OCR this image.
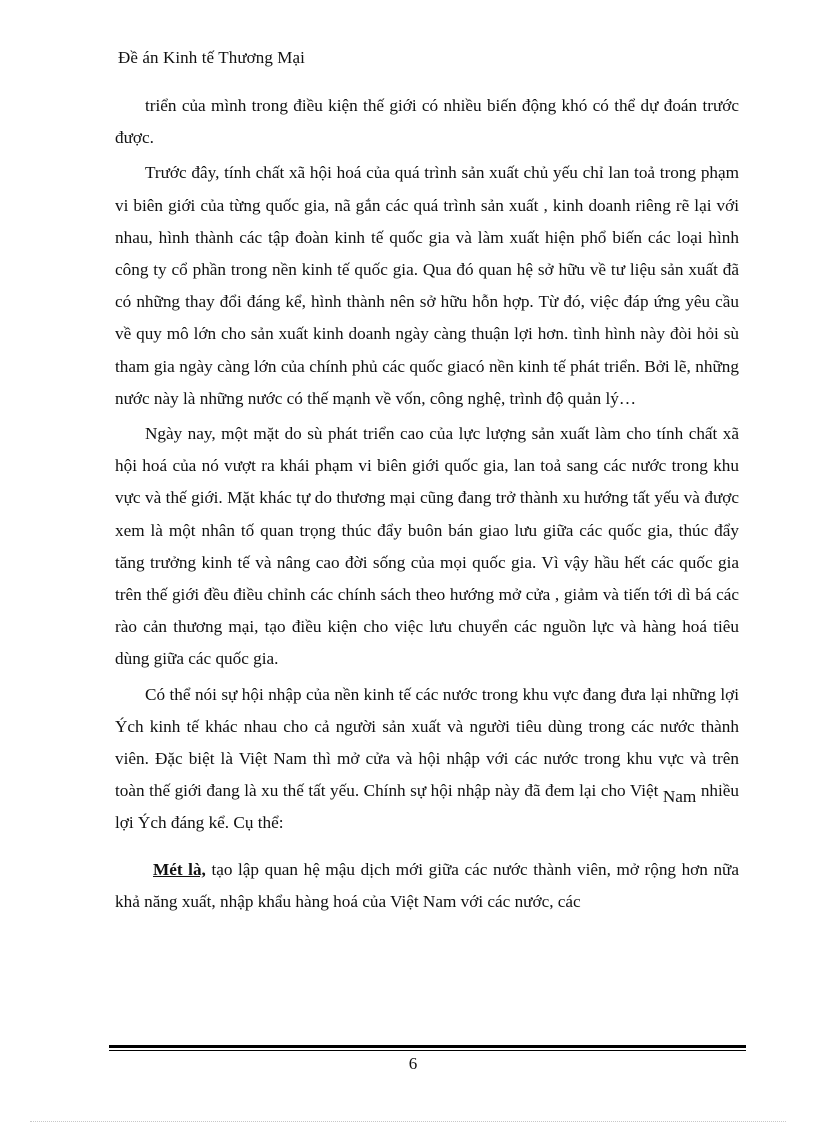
Đề án Kinh tế Thương Mại

triển của mình trong điều kiện thế giới có nhiều biến động khó có thể dự đoán trước được.

Trước đây, tính chất xã hội hoá của quá trình sản xuất chủ yếu chỉ lan toả trong phạm vi biên giới của từng quốc gia, nã gắn các quá trình sản xuất , kinh doanh riêng rẽ lại với nhau, hình thành các tập đoàn kinh tế quốc gia và làm xuất hiện phổ biến các loại hình công ty cổ phần trong nền kinh tế quốc gia. Qua đó quan hệ sở hữu về tư liệu sản xuất đã có những thay đổi đáng kể, hình thành nên sở hữu hỗn hợp. Từ đó, việc đáp ứng yêu cầu về quy mô lớn cho sản xuất kinh doanh ngày càng thuận lợi hơn. tình hình này đòi hỏi sù tham gia ngày càng lớn của chính phủ các quốc giacó nền kinh tế phát triển. Bởi lẽ, những nước này là những nước có thế mạnh về vốn, công nghệ, trình độ quản lý…

Ngày nay, một mặt do sù phát triển cao của lực lượng sản xuất làm cho tính chất xã hội hoá của nó vượt ra khái phạm vi biên giới quốc gia, lan toả sang các nước trong khu vực và thế giới. Mặt khác tự do thương mại cũng đang trở thành xu hướng tất yếu và được xem là một nhân tố quan trọng thúc đẩy buôn bán giao lưu giữa các quốc gia, thúc đẩy tăng trưởng kinh tế và nâng cao đời sống của mọi quốc gia. Vì vậy hầu hết các quốc gia trên thế giới đều điều chỉnh các chính sách theo hướng mở cửa , giảm và tiến tới dì bá các rào cản thương mại, tạo điều kiện cho việc lưu chuyển các nguồn lực và hàng hoá tiêu dùng giữa các quốc gia.

Có thể nói sự hội nhập của nền kinh tế các nước trong khu vực đang đưa lại những lợi Ých kinh tế khác nhau cho cả người sản xuất và người tiêu dùng trong các nước thành viên. Đặc biệt là Việt Nam thì mở cửa và hội nhập với các nước trong khu vực và trên toàn thế giới đang là xu thế tất yếu. Chính sự hội nhập này đã đem lại cho Việt Nam nhiều lợi Ých đáng kể. Cụ thể:

Mét là, tạo lập quan hệ mậu dịch mới giữa các nước thành viên, mở rộng hơn nữa khả năng xuất, nhập khẩu hàng hoá của Việt Nam với các nước, các

6
